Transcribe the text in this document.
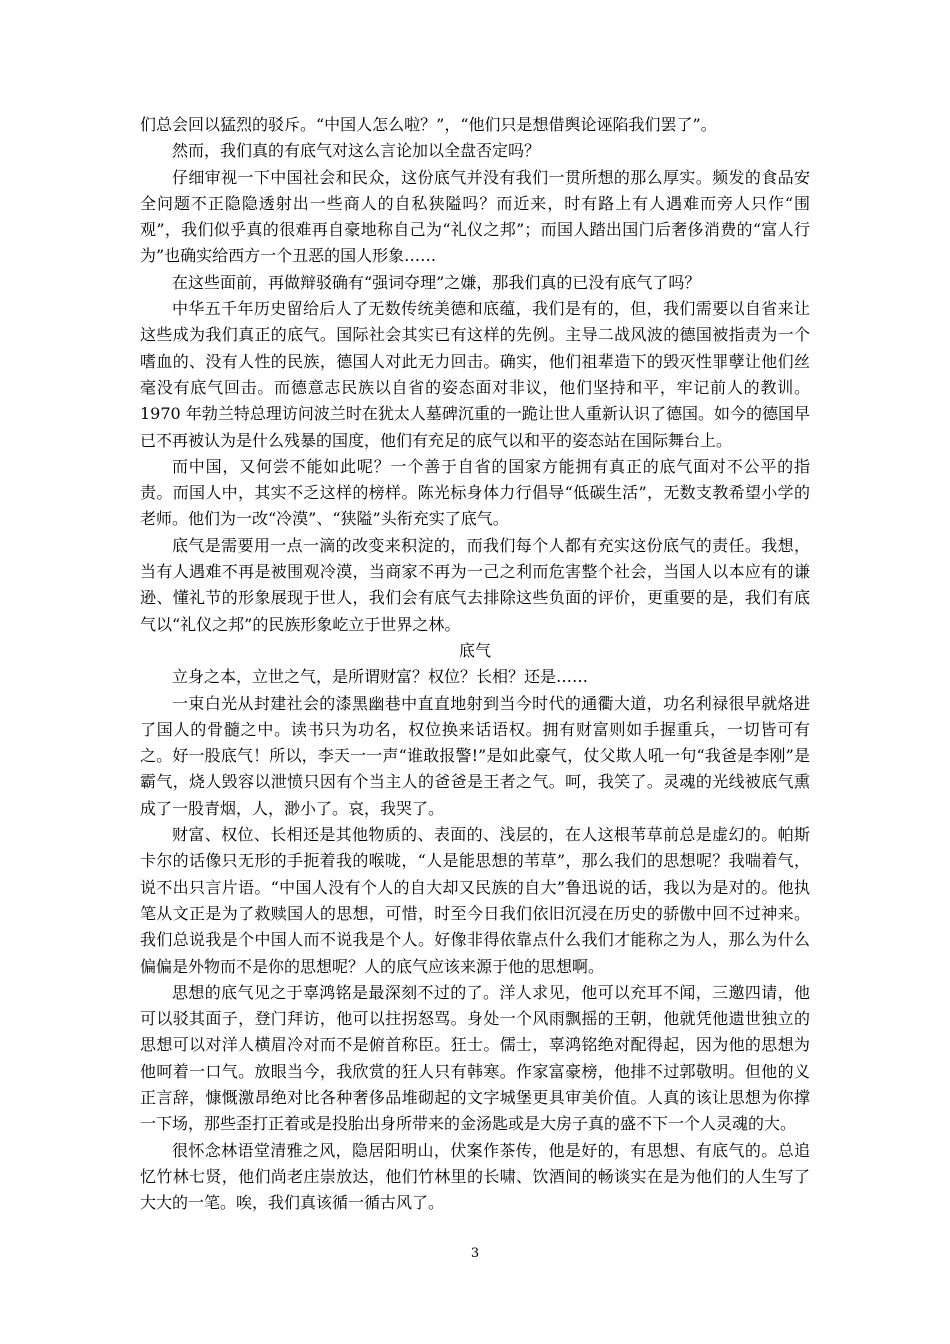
们总会回以猛烈的驳斥。“中国人怎么啦？”，“他们只是想借舆论诬陷我们罢了”。

然而，我们真的有底气对这么言论加以全盘否定吗？

仔细审视一下中国社会和民众，这份底气并没有我们一贯所想的那么厚实。频发的食品安全问题不正隐隐透射出一些商人的自私狭隘吗？而近来，时有路上有人遇难而旁人只作“围观”，我们似乎真的很难再自豪地称自己为“礼仪之邦”；而国人踏出国门后奢侈消费的“富人行为”也确实给西方一个丑恶的国人形象……

在这些面前，再做辩驳确有“强词夺理”之嫌，那我们真的已没有底气了吗？

中华五千年历史留给后人了无数传统美德和底蕴，我们是有的，但，我们需要以自省来让这些成为我们真正的底气。国际社会其实已有这样的先例。主导二战风波的德国被指责为一个嗜血的、没有人性的民族，德国人对此无力回击。确实，他们祖辈造下的毁灭性罪孽让他们丝毫没有底气回击。而德意志民族以自省的姿态面对非议，他们坚持和平，牢记前人的教训。1970 年勃兰特总理访问波兰时在犹太人墓碑沉重的一跪让世人重新认识了德国。如今的德国早已不再被认为是什么残暴的国度，他们有充足的底气以和平的姿态站在国际舞台上。

而中国，又何尝不能如此呢？一个善于自省的国家方能拥有真正的底气面对不公平的指责。而国人中，其实不乏这样的榜样。陈光标身体力行倡导“低碳生活”，无数支教希望小学的老师。他们为一改“冷漠”、“狭隘”头衔充实了底气。

底气是需要用一点一滴的改变来积淀的，而我们每个人都有充实这份底气的责任。我想，当有人遇难不再是被围观冷漠，当商家不再为一己之利而危害整个社会，当国人以本应有的谦逊、懂礼节的形象展现于世人，我们会有底气去排除这些负面的评价，更重要的是，我们有底气以“礼仪之邦”的民族形象屹立于世界之林。

底气

立身之本，立世之气，是所谓财富？权位？长相？还是……

一束白光从封建社会的漆黑幽巷中直直地射到当今时代的通衢大道，功名利禄很早就烙进了国人的骨髓之中。读书只为功名，权位换来话语权。拥有财富则如手握重兵，一切皆可有之。好一股底气！所以，李天一一声“谁敢报警!”是如此豪气，仗父欺人吼一句“我爸是李刚”是霸气，烧人毁容以泄愤只因有个当主人的爸爸是王者之气。呵，我笑了。灵魂的光线被底气熏成了一股青烟，人，渺小了。哀，我哭了。

财富、权位、长相还是其他物质的、表面的、浅层的，在人这根苇草前总是虚幻的。帕斯卡尔的话像只无形的手扼着我的喉咙，“人是能思想的苇草”，那么我们的思想呢？我喘着气，说不出只言片语。“中国人没有个人的自大却又民族的自大”鲁迅说的话，我以为是对的。他执笔从文正是为了救赎国人的思想，可惜，时至今日我们依旧沉浸在历史的骄傲中回不过神来。我们总说我是个中国人而不说我是个人。好像非得依靠点什么我们才能称之为人，那么为什么偏偏是外物而不是你的思想呢？人的底气应该来源于他的思想啊。

思想的底气见之于辜鸿铭是最深刻不过的了。洋人求见，他可以充耳不闻，三邀四请，他可以驳其面子，登门拜访，他可以拄拐怒骂。身处一个风雨飘摇的王朝，他就凭他遗世独立的思想可以对洋人横眉冷对而不是俯首称臣。狂士。儒士，辜鸿铭绝对配得起，因为他的思想为他呵着一口气。放眼当今，我欣赏的狂人只有韩寒。作家富豪榜，他排不过郭敬明。但他的义正言辞，慷慨激昂绝对比各种奢侈品堆砌起的文字城堡更具审美价值。人真的该让思想为你撑一下场，那些歪打正着或是投胎出身所带来的金汤匙或是大房子真的盛不下一个人灵魂的大。

很怀念林语堂清雅之风，隐居阳明山，伏案作茶传，他是好的，有思想、有底气的。总追忆竹林七贤，他们尚老庄崇放达，他们竹林里的长啸、饮酒间的畅谈实在是为他们的人生写了大大的一笔。唉，我们真该循一循古风了。

3
